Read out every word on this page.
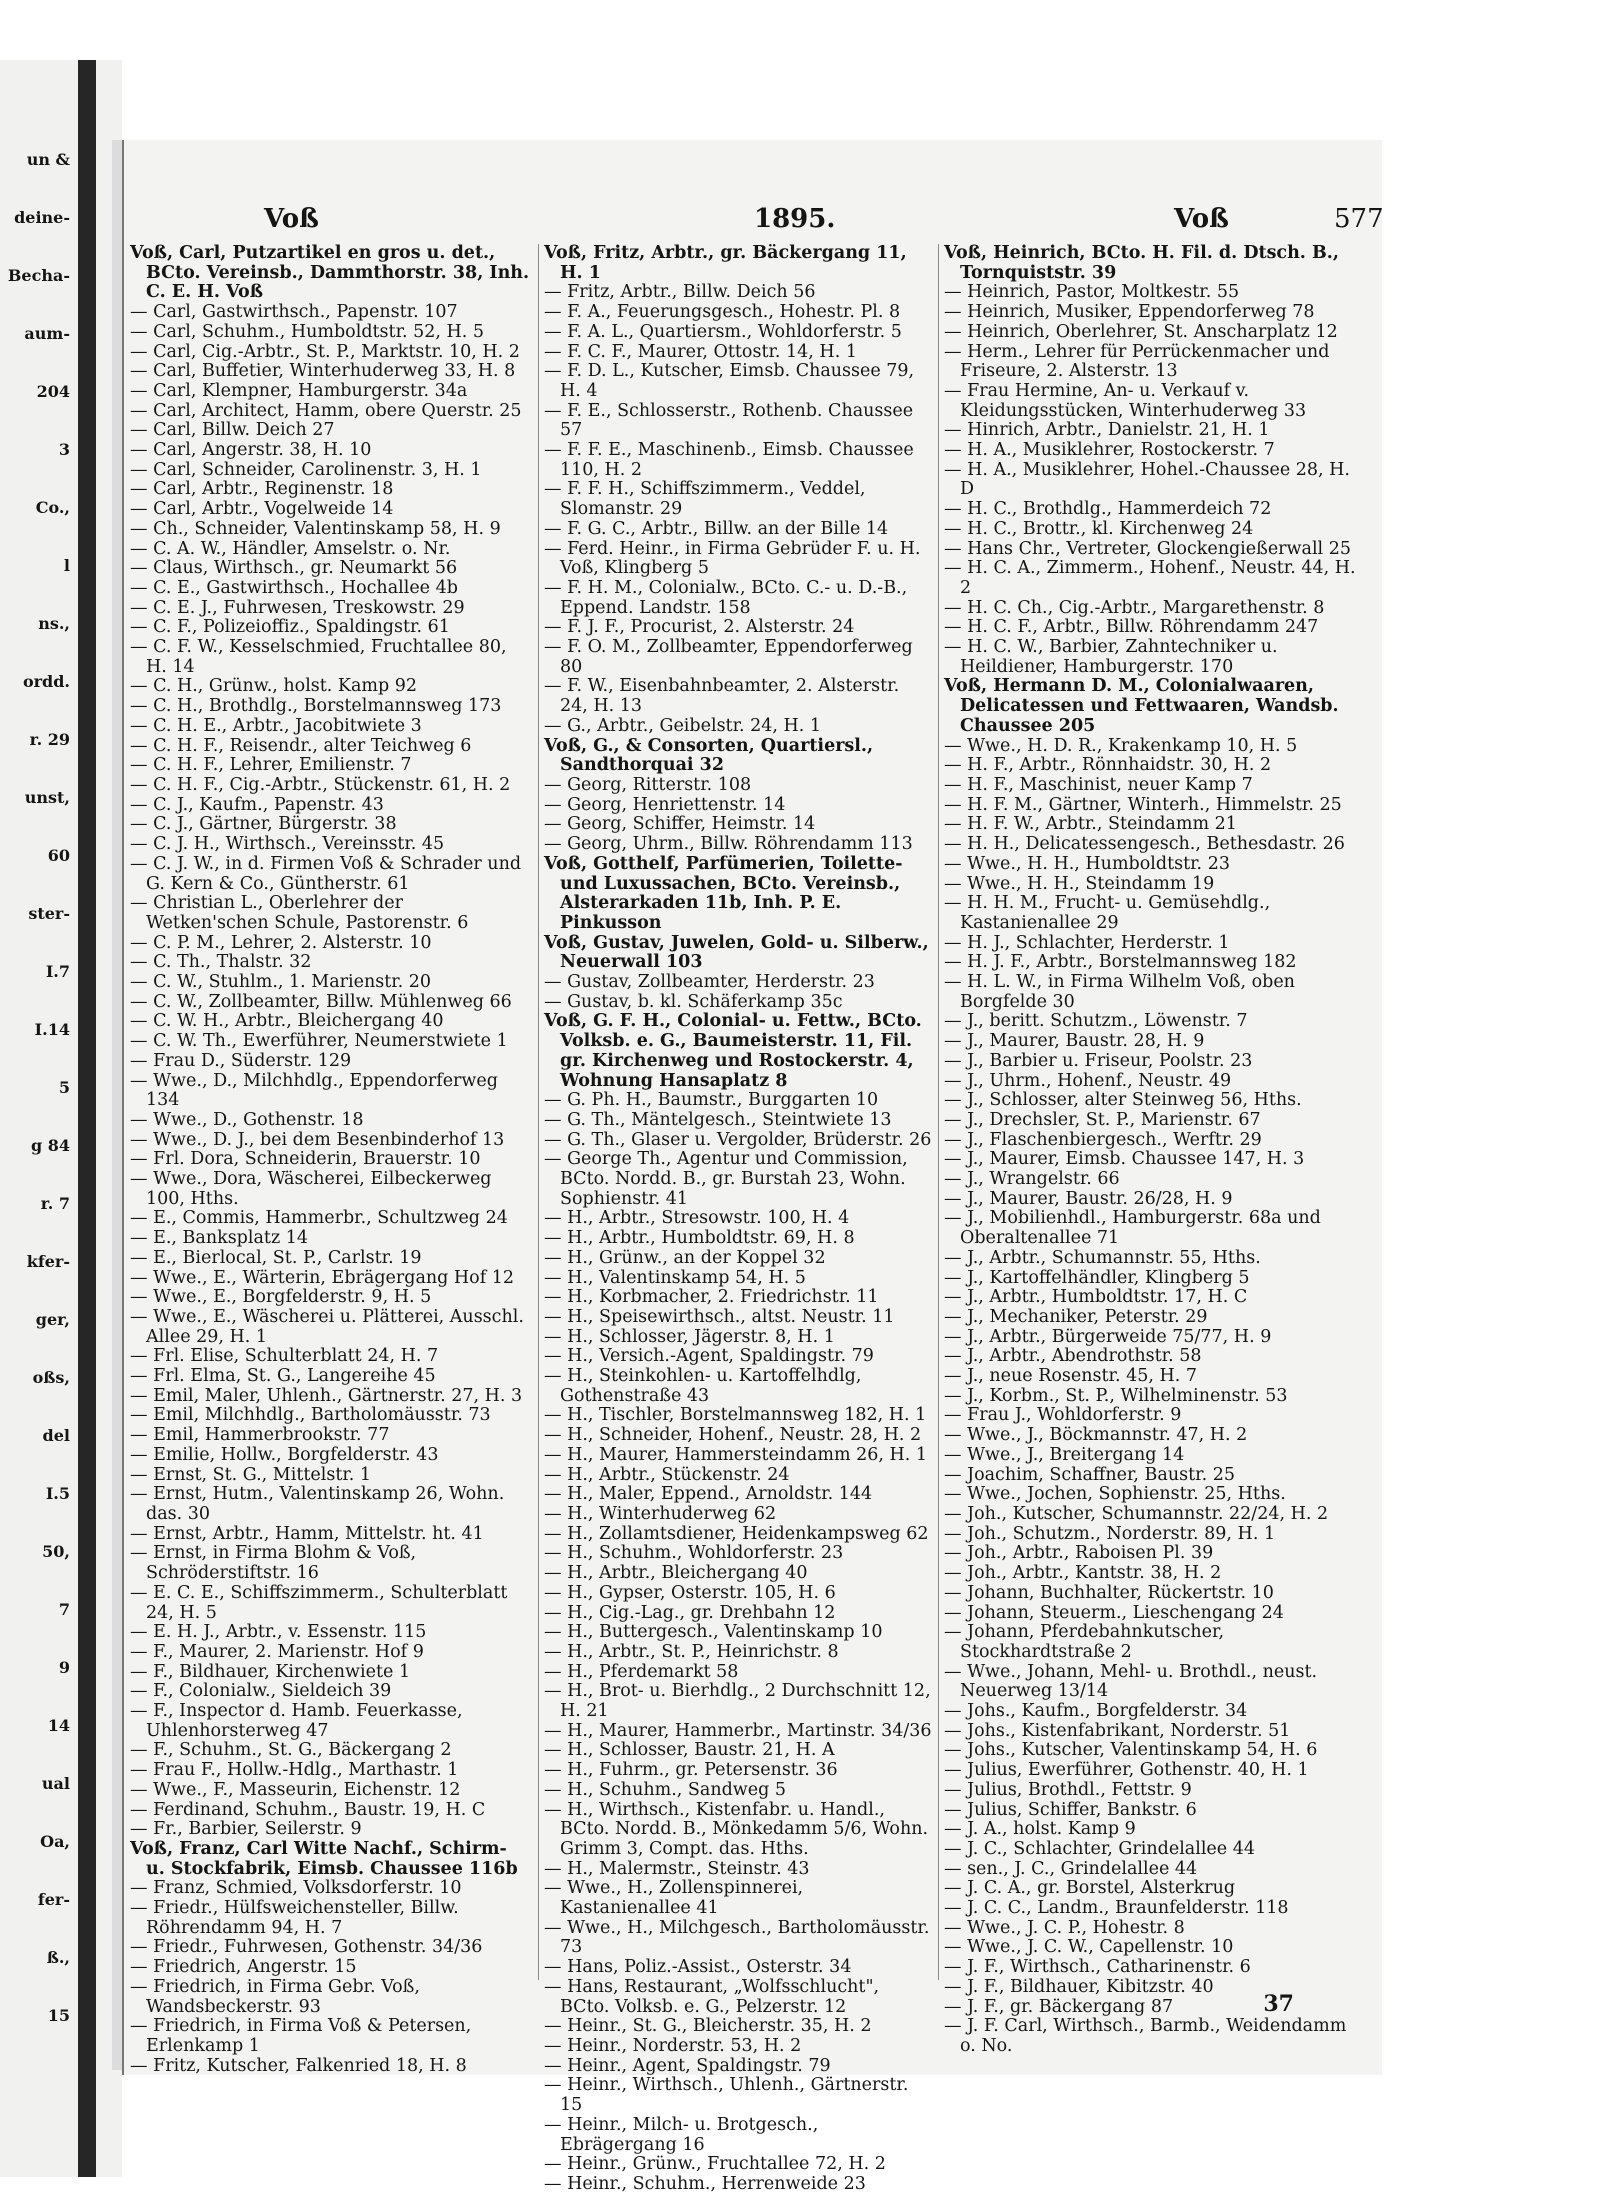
un &
deine-
Becha-
aum-
204
3
Co.,
l
ns.,
ordd.
r. 29
unst,
60
ster-
I.7
I.14
5
g 84
r. 7
kfer-
ger,
oßs,
del
I.5
50,
7
9
14
ual
Oa,
fer-
ß.,
15
Voß	1895.	Voß	577
Voß, Carl, Putzartikel en gros u. det., BCto. Vereinsb., Dammthorstr. 38, Inh. C. E. H. Voß
— Carl, Gastwirthsch., Papenstr. 107
— Carl, Schuhm., Humboldtstr. 52, H. 5
— Carl, Cig.-Arbtr., St. P., Marktstr. 10, H. 2
— Carl, Buffetier, Winterhuderweg 33, H. 8
— Carl, Klempner, Hamburgerstr. 34a
— Carl, Architect, Hamm, obere Querstr. 25
— Carl, Billw. Deich 27
— Carl, Angerstr. 38, H. 10
— Carl, Schneider, Carolinenstr. 3, H. 1
— Carl, Arbtr., Reginenstr. 18
— Carl, Arbtr., Vogelweide 14
— Ch., Schneider, Valentinskamp 58, H. 9
— C. A. W., Händler, Amselstr. o. Nr.
— Claus, Wirthsch., gr. Neumarkt 56
— C. E., Gastwirthsch., Hochallee 4b
— C. E. J., Fuhrwesen, Treskowstr. 29
— C. F., Polizeioffiz., Spaldingstr. 61
— C. F. W., Kesselschmied, Fruchtallee 80, H. 14
— C. H., Grünw., holst. Kamp 92
— C. H., Brothdlg., Borstelmannsweg 173
— C. H. E., Arbtr., Jacobitwiete 3
— C. H. F., Reisendr., alter Teichweg 6
— C. H. F., Lehrer, Emilienstr. 7
— C. H. F., Cig.-Arbtr., Stückenstr. 61, H. 2
— C. J., Kaufm., Papenstr. 43
— C. J., Gärtner, Bürgerstr. 38
— C. J. H., Wirthsch., Vereinsstr. 45
— C. J. W., in d. Firmen Voß & Schrader und G. Kern & Co., Güntherstr. 61
— Christian L., Oberlehrer der Wetken'schen Schule, Pastorenstr. 6
— C. P. M., Lehrer, 2. Alsterstr. 10
— C. Th., Thalstr. 32
— C. W., Stuhlm., 1. Marienstr. 20
— C. W., Zollbeamter, Billw. Mühlenweg 66
— C. W. H., Arbtr., Bleichergang 40
— C. W. Th., Ewerführer, Neumerstwiete 1
— Frau D., Süderstr. 129
— Wwe., D., Milchhdlg., Eppendorferweg 134
— Wwe., D., Gothenstr. 18
— Wwe., D. J., bei dem Besenbinderhof 13
— Frl. Dora, Schneiderin, Brauerstr. 10
— Wwe., Dora, Wäscherei, Eilbeckerweg 100, Hths.
— E., Commis, Hammerbr., Schultzweg 24
— E., Banksplatz 14
— E., Bierlocal, St. P., Carlstr. 19
— Wwe., E., Wärterin, Ebrägergang Hof 12
— Wwe., E., Borgfelderstr. 9, H. 5
— Wwe., E., Wäscherei u. Plätterei, Ausschl. Allee 29, H. 1
— Frl. Elise, Schulterblatt 24, H. 7
— Frl. Elma, St. G., Langereihe 45
— Emil, Maler, Uhlenh., Gärtnerstr. 27, H. 3
— Emil, Milchhdlg., Bartholomäusstr. 73
— Emil, Hammerbrookstr. 77
— Emilie, Hollw., Borgfelderstr. 43
— Ernst, St. G., Mittelstr. 1
— Ernst, Hutm., Valentinskamp 26, Wohn. das. 30
— Ernst, Arbtr., Hamm, Mittelstr. ht. 41
— Ernst, in Firma Blohm & Voß, Schröderstiftstr. 16
— E. C. E., Schiffszimmerm., Schulterblatt 24, H. 5
— E. H. J., Arbtr., v. Essenstr. 115
— F., Maurer, 2. Marienstr. Hof 9
— F., Bildhauer, Kirchenwiete 1
— F., Colonialw., Sieldeich 39
— F., Inspector d. Hamb. Feuerkasse, Uhlenhorsterweg 47
— F., Schuhm., St. G., Bäckergang 2
— Frau F., Hollw.-Hdlg., Marthastr. 1
— Wwe., F., Masseurin, Eichenstr. 12
— Ferdinand, Schuhm., Baustr. 19, H. C
— Fr., Barbier, Seilerstr. 9
Voß, Franz, Carl Witte Nachf., Schirm- u. Stockfabrik, Eimsb. Chaussee 116b
— Franz, Schmied, Volksdorferstr. 10
— Friedr., Hülfsweichensteller, Billw. Röhrendamm 94, H. 7
— Friedr., Fuhrwesen, Gothenstr. 34/36
— Friedrich, Angerstr. 15
— Friedrich, in Firma Gebr. Voß, Wandsbeckerstr. 93
— Friedrich, in Firma Voß & Petersen, Erlenkamp 1
— Fritz, Kutscher, Falkenried 18, H. 8
Voß, Fritz, Arbtr., gr. Bäckergang 11, H. 1
— Fritz, Arbtr., Billw. Deich 56
— F. A., Feuerungsgesch., Hohestr. Pl. 8
— F. A. L., Quartiersm., Wohldorferstr. 5
— F. C. F., Maurer, Ottostr. 14, H. 1
— F. D. L., Kutscher, Eimsb. Chaussee 79, H. 4
— F. E., Schlosserstr., Rothenb. Chaussee 57
— F. F. E., Maschinenb., Eimsb. Chaussee 110, H. 2
— F. F. H., Schiffszimmerm., Veddel, Slomanstr. 29
— F. G. C., Arbtr., Billw. an der Bille 14
— Ferd. Heinr., in Firma Gebrüder F. u. H. Voß, Klingberg 5
— F. H. M., Colonialw., BCto. C.- u. D.-B., Eppend. Landstr. 158
— F. J. F., Procurist, 2. Alsterstr. 24
— F. O. M., Zollbeamter, Eppendorferweg 80
— F. W., Eisenbahnbeamter, 2. Alsterstr. 24, H. 13
— G., Arbtr., Geibelstr. 24, H. 1
Voß, G., & Consorten, Quartiersl., Sandthorquai 32
— Georg, Ritterstr. 108
— Georg, Henriettenstr. 14
— Georg, Schiffer, Heimstr. 14
— Georg, Uhrm., Billw. Röhrendamm 113
Voß, Gotthelf, Parfümerien, Toilette- und Luxussachen, BCto. Vereinsb., Alsterarkaden 11b, Inh. P. E. Pinkusson
Voß, Gustav, Juwelen, Gold- u. Silberw., Neuerwall 103
— Gustav, Zollbeamter, Herderstr. 23
— Gustav, b. kl. Schäferkamp 35c
Voß, G. F. H., Colonial- u. Fettw., BCto. Volksb. e. G., Baumeisterstr. 11, Fil. gr. Kirchenweg und Rostockerstr. 4, Wohnung Hansaplatz 8
— G. Ph. H., Baumstr., Burggarten 10
— G. Th., Mäntelgesch., Steintwiete 13
— G. Th., Glaser u. Vergolder, Brüderstr. 26
— George Th., Agentur und Commission, BCto. Nordd. B., gr. Burstah 23, Wohn. Sophienstr. 41
— H., Arbtr., Stresowstr. 100, H. 4
— H., Arbtr., Humboldtstr. 69, H. 8
— H., Grünw., an der Koppel 32
— H., Valentinskamp 54, H. 5
— H., Korbmacher, 2. Friedrichstr. 11
— H., Speisewirthsch., altst. Neustr. 11
— H., Schlosser, Jägerstr. 8, H. 1
— H., Versich.-Agent, Spaldingstr. 79
— H., Steinkohlen- u. Kartoffelhdlg, Gothenstraße 43
— H., Tischler, Borstelmannsweg 182, H. 1
— H., Schneider, Hohenf., Neustr. 28, H. 2
— H., Maurer, Hammersteindamm 26, H. 1
— H., Arbtr., Stückenstr. 24
— H., Maler, Eppend., Arnoldstr. 144
— H., Winterhuderweg 62
— H., Zollamtsdiener, Heidenkampsweg 62
— H., Schuhm., Wohldorferstr. 23
— H., Arbtr., Bleichergang 40
— H., Gypser, Osterstr. 105, H. 6
— H., Cig.-Lag., gr. Drehbahn 12
— H., Buttergesch., Valentinskamp 10
— H., Arbtr., St. P., Heinrichstr. 8
— H., Pferdemarkt 58
— H., Brot- u. Bierhdlg., 2 Durchschnitt 12, H. 21
— H., Maurer, Hammerbr., Martinstr. 34/36
— H., Schlosser, Baustr. 21, H. A
— H., Fuhrm., gr. Petersenstr. 36
— H., Schuhm., Sandweg 5
— H., Wirthsch., Kistenfabr. u. Handl., BCto. Nordd. B., Mönkedamm 5/6, Wohn. Grimm 3, Compt. das. Hths.
— H., Malermstr., Steinstr. 43
— Wwe., H., Zollenspinnerei, Kastanienallee 41
— Wwe., H., Milchgesch., Bartholomäusstr. 73
— Hans, Poliz.-Assist., Osterstr. 34
— Hans, Restaurant, „Wolfsschlucht", BCto. Volksb. e. G., Pelzerstr. 12
— Heinr., St. G., Bleicherstr. 35, H. 2
— Heinr., Norderstr. 53, H. 2
— Heinr., Agent, Spaldingstr. 79
— Heinr., Wirthsch., Uhlenh., Gärtnerstr. 15
— Heinr., Milch- u. Brotgesch., Ebrägergang 16
— Heinr., Grünw., Fruchtallee 72, H. 2
— Heinr., Schuhm., Herrenweide 23
Voß, Heinrich, BCto. H. Fil. d. Dtsch. B., Tornquiststr. 39
— Heinrich, Pastor, Moltkestr. 55
— Heinrich, Musiker, Eppendorferweg 78
— Heinrich, Oberlehrer, St. Anscharplatz 12
— Herm., Lehrer für Perrückenmacher und Friseure, 2. Alsterstr. 13
— Frau Hermine, An- u. Verkauf v. Kleidungsstücken, Winterhuderweg 33
— Hinrich, Arbtr., Danielstr. 21, H. 1
— H. A., Musiklehrer, Rostockerstr. 7
— H. A., Musiklehrer, Hohel.-Chaussee 28, H. D
— H. C., Brothdlg., Hammerdeich 72
— H. C., Brottr., kl. Kirchenweg 24
— Hans Chr., Vertreter, Glockengießerwall 25
— H. C. A., Zimmerm., Hohenf., Neustr. 44, H. 2
— H. C. Ch., Cig.-Arbtr., Margarethenstr. 8
— H. C. F., Arbtr., Billw. Röhrendamm 247
— H. C. W., Barbier, Zahntechniker u. Heildiener, Hamburgerstr. 170
Voß, Hermann D. M., Colonialwaaren, Delicatessen und Fettwaaren, Wandsb. Chaussee 205
— Wwe., H. D. R., Krakenkamp 10, H. 5
— H. F., Arbtr., Rönnhaidstr. 30, H. 2
— H. F., Maschinist, neuer Kamp 7
— H. F. M., Gärtner, Winterh., Himmelstr. 25
— H. F. W., Arbtr., Steindamm 21
— H. H., Delicatessengesch., Bethesdastr. 26
— Wwe., H. H., Humboldtstr. 23
— Wwe., H. H., Steindamm 19
— H. H. M., Frucht- u. Gemüsehdlg., Kastanienallee 29
— H. J., Schlachter, Herderstr. 1
— H. J. F., Arbtr., Borstelmannsweg 182
— H. L. W., in Firma Wilhelm Voß, oben Borgfelde 30
— J., beritt. Schutzm., Löwenstr. 7
— J., Maurer, Baustr. 28, H. 9
— J., Barbier u. Friseur, Poolstr. 23
— J., Uhrm., Hohenf., Neustr. 49
— J., Schlosser, alter Steinweg 56, Hths.
— J., Drechsler, St. P., Marienstr. 67
— J., Flaschenbiergesch., Werftr. 29
— J., Maurer, Eimsb. Chaussee 147, H. 3
— J., Wrangelstr. 66
— J., Maurer, Baustr. 26/28, H. 9
— J., Mobilienhdl., Hamburgerstr. 68a und Oberaltenallee 71
— J., Arbtr., Schumannstr. 55, Hths.
— J., Kartoffelhändler, Klingberg 5
— J., Arbtr., Humboldtstr. 17, H. C
— J., Mechaniker, Peterstr. 29
— J., Arbtr., Bürgerweide 75/77, H. 9
— J., Arbtr., Abendrothstr. 58
— J., neue Rosenstr. 45, H. 7
— J., Korbm., St. P., Wilhelminenstr. 53
— Frau J., Wohldorferstr. 9
— Wwe., J., Böckmannstr. 47, H. 2
— Wwe., J., Breitergang 14
— Joachim, Schaffner, Baustr. 25
— Wwe., Jochen, Sophienstr. 25, Hths.
— Joh., Kutscher, Schumannstr. 22/24, H. 2
— Joh., Schutzm., Norderstr. 89, H. 1
— Joh., Arbtr., Raboisen Pl. 39
— Joh., Arbtr., Kantstr. 38, H. 2
— Johann, Buchhalter, Rückertstr. 10
— Johann, Steuerm., Lieschengang 24
— Johann, Pferdebahnkutscher, Stockhardtstraße 2
— Wwe., Johann, Mehl- u. Brothdl., neust. Neuerweg 13/14
— Johs., Kaufm., Borgfelderstr. 34
— Johs., Kistenfabrikant, Norderstr. 51
— Johs., Kutscher, Valentinskamp 54, H. 6
— Julius, Ewerführer, Gothenstr. 40, H. 1
— Julius, Brothdl., Fettstr. 9
— Julius, Schiffer, Bankstr. 6
— J. A., holst. Kamp 9
— J. C., Schlachter, Grindelallee 44
— sen., J. C., Grindelallee 44
— J. C. A., gr. Borstel, Alsterkrug
— J. C. C., Landm., Braunfelderstr. 118
— Wwe., J. C. P., Hohestr. 8
— Wwe., J. C. W., Capellenstr. 10
— J. F., Wirthsch., Catharinenstr. 6
— J. F., Bildhauer, Kibitzstr. 40
— J. F., gr. Bäckergang 87
— J. F. Carl, Wirthsch., Barmb., Weidendamm o. No.
37
